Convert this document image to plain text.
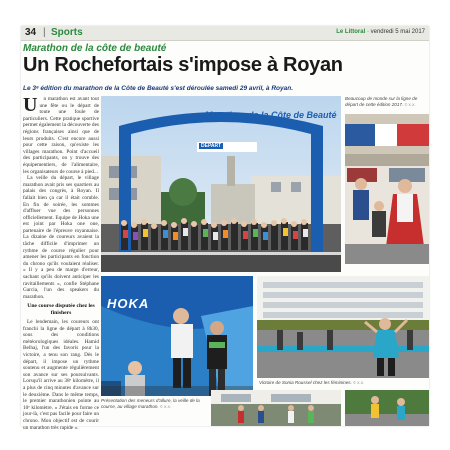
34 | Sports	Le Littoral · vendredi 5 mai 2017
Marathon de la côte de beauté
Un Rochefortais s'impose à Royan
Le 3ᵉ édition du marathon de la Côte de Beauté s'est déroulée samedi 29 avril, à Royan.
U	n marathon est avant tout une fête ou le départ de toute une foule de particuliers. Cette pratique sportive permet également la découverte des régions françaises ainsi que de leurs produits. C'est encore aussi pour cette raison, qu'existe les villages marathon. Point d'accueil des participants, on y trouve des équipementiers, de l'alimentaire, les organisateurs de course à pied...

La veille du départ, le village marathon avait pris ses quartiers au palais des congrès, à Royan. Il fallait bien ça car il était comble. En fin de soirée, les sommes d'affluer vue des personnes officiellement. Equipe de Hoka une est joint par Hoka one one, partenaire de l'épreuve royannaise. La dizaine de coureurs avaient la tâche difficile d'imprimer un rythme de course régulier pour amener les participants en fonction du chrono qu'ils voulaient réaliser. « Il y a peu de marge d'erreur, sachant qu'ils doivent anticiper les ravitaillements », confie Stéphane Garcia, l'un des speakers du marathon.

Une course disputée chez les finishers

Le lendemain, les coureurs ont franchi la ligne de départ à 8h30, sous des conditions météorologiques idéales. Hamid Belhaj, l'un des favoris pour la victoire, a tenu son rang. Dès le départ, il impose un rythme soutenu et augmente régulièrement son avance sur ses poursuivants. Lorsqu'il arrive au 38ᵉ kilomètre, il a plus de cinq minutes d'avance sur le deuxième. Dans le même temps, le premier marathonien pointe au 10ᵉ kilomètre. « J'étais en forme ce jour-là, c'est pas facile pour faire un chrono. Mon objectif est de courir un marathon très rapide ».

Marathon de la Côte de Beauté
DÉPART
Beaucoup de monde sur la ligne de départ de cette édition 2017. © X.X.
HOKA
Présentation des meneurs d'allure, la veille de la course, au village marathon. © X.X.
Victoire de Sonia Roussel chez les féminines. © X.X.
